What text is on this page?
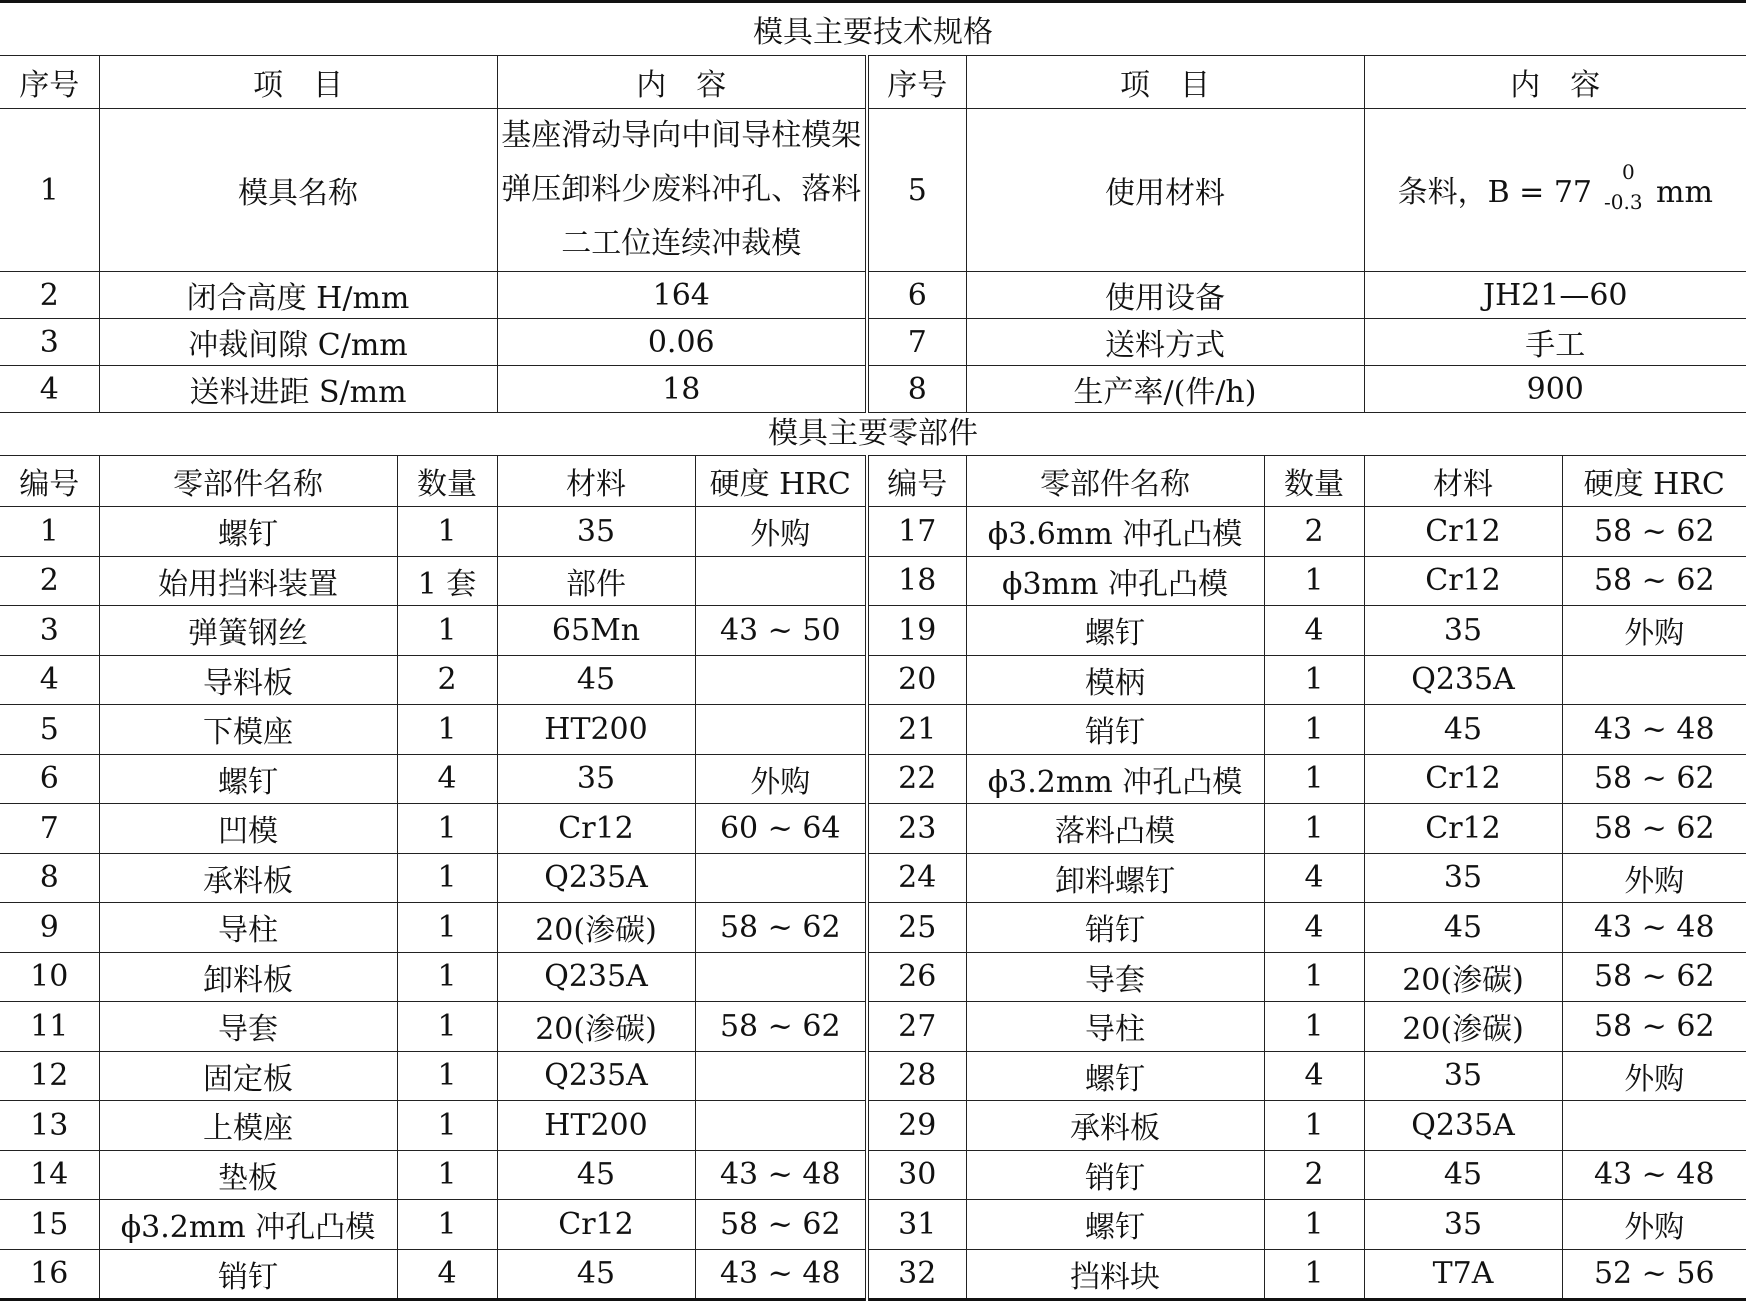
模具主要技术规格					
序号	项　目	内　容	序号	项　目	内　容
1	模具名称	基座滑动导向中间导柱模架弹压卸料少废料冲孔、落料二工位连续冲裁模	5	使用材料	条料，B = 77
0
-0.3 mm
2	闭合高度 H/mm	164	6	使用设备	JH21—60
3	冲裁间隙 C/mm	0.06	7	送料方式	手工
4	送料进距 S/mm	18	8	生产率/(件/h)	900
模具主要零部件									
编号	零部件名称	数量	材料	硬度 HRC	编号	零部件名称	数量	材料	硬度 HRC
1	螺钉	1	35	外购	17	ϕ3.6mm 冲孔凸模	2	Cr12	58 ~ 62
2	始用挡料装置	1 套	部件		18	ϕ3mm 冲孔凸模	1	Cr12	58 ~ 62
3	弹簧钢丝	1	65Mn	43 ~ 50	19	螺钉	4	35	外购
4	导料板	2	45		20	模柄	1	Q235A	
5	下模座	1	HT200		21	销钉	1	45	43 ~ 48
6	螺钉	4	35	外购	22	ϕ3.2mm 冲孔凸模	1	Cr12	58 ~ 62
7	凹模	1	Cr12	60 ~ 64	23	落料凸模	1	Cr12	58 ~ 62
8	承料板	1	Q235A		24	卸料螺钉	4	35	外购
9	导柱	1	20(渗碳)	58 ~ 62	25	销钉	4	45	43 ~ 48
10	卸料板	1	Q235A		26	导套	1	20(渗碳)	58 ~ 62
11	导套	1	20(渗碳)	58 ~ 62	27	导柱	1	20(渗碳)	58 ~ 62
12	固定板	1	Q235A		28	螺钉	4	35	外购
13	上模座	1	HT200		29	承料板	1	Q235A	
14	垫板	1	45	43 ~ 48	30	销钉	2	45	43 ~ 48
15	ϕ3.2mm 冲孔凸模	1	Cr12	58 ~ 62	31	螺钉	1	35	外购
16	销钉	4	45	43 ~ 48	32	挡料块	1	T7A	52 ~ 56
